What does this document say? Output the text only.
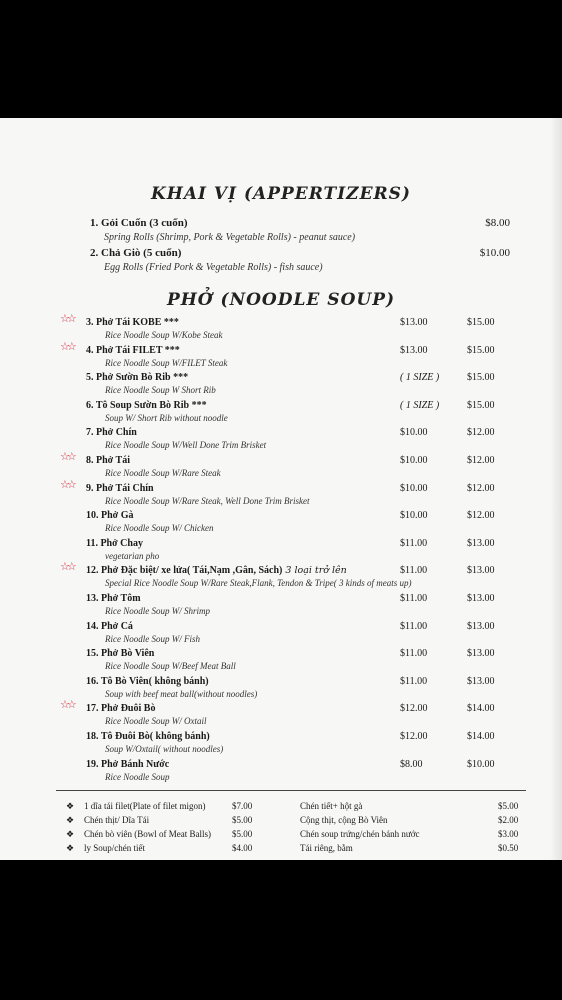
KHAI VỊ (APPERTIZERS)
1. Gỏi Cuốn (3 cuốn)
Spring Rolls (Shrimp, Pork & Vegetable Rolls) - peanut sauce)
$8.00
2. Chả Giò (5 cuốn)
Egg Rolls (Fried Pork & Vegetable Rolls) - fish sauce)
$10.00
PHỞ (NOODLE SOUP)
3. Phở Tái KOBE ***
Rice Noodle Soup W/Kobe Steak
$13.00	$15.00
4. Phở Tái FILET ***
Rice Noodle Soup W/FILET Steak
$13.00	$15.00
5. Phở Sườn Bò Rib ***
Rice Noodle Soup W Short Rib
( 1 SIZE )	$15.00
6. Tô Soup Sườn Bò Rib ***
Soup W/ Short Rib without noodle
( 1 SIZE )	$15.00
7. Phở Chín
Rice Noodle Soup W/Well Done Trim Brisket
$10.00	$12.00
8. Phở Tái
Rice Noodle Soup W/Rare Steak
$10.00	$12.00
9. Phở Tái Chín
Rice Noodle Soup W/Rare Steak, Well Done Trim Brisket
$10.00	$12.00
10. Phở Gà
Rice Noodle Soup W/ Chicken
$10.00	$12.00
11. Phở Chay
vegetarian pho
$11.00	$13.00
12. Phở Đặc biệt/ xe lửa( Tái,Nạm ,Gân, Sách) 3 loại trở lên
Special Rice Noodle Soup W/Rare Steak,Flank, Tendon & Tripe( 3 kinds of meats up)
$11.00	$13.00
13. Phở Tôm
Rice Noodle Soup W/ Shrimp
$11.00	$13.00
14. Phở Cá
Rice Noodle Soup W/ Fish
$11.00	$13.00
15. Phở Bò Viên
Rice Noodle Soup W/Beef Meat Ball
$11.00	$13.00
16. Tô Bò Viên( không bánh)
Soup with beef meat ball(without noodles)
$11.00	$13.00
17. Phở Đuôi Bò
Rice Noodle Soup W/ Oxtail
$12.00	$14.00
18. Tô Đuôi Bò( không bánh)
Soup W/Oxtail( without noodles)
$12.00	$14.00
19. Phở Bánh Nước
Rice Noodle Soup
$8.00	$10.00
❖ 1 dĩa tái filet(Plate of filet migon)	$7.00
❖ Chén thịt/ Dĩa Tái	$5.00
❖ Chén bò viên (Bowl of Meat Balls) $5.00
❖ ly Soup/chén tiết	$4.00
Chén tiết+ hột gà	$5.00
Cộng thịt, cộng Bò Viên	$2.00
Chén soup trứng/chén bánh nước	$3.00
Tái riêng, bằm	$0.50
☆☆
☆☆
☆☆
☆☆
☆☆
☆☆
